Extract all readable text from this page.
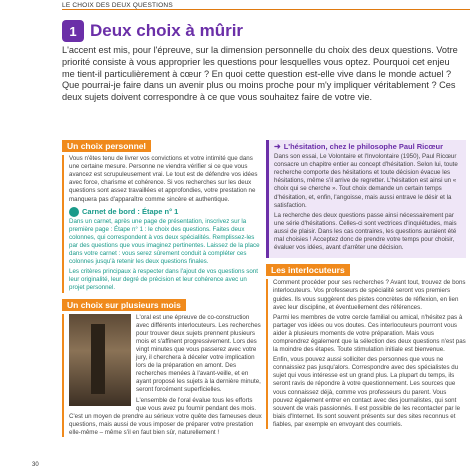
LE CHOIX DES DEUX QUESTIONS
1 Deux choix à mûrir
L'accent est mis, pour l'épreuve, sur la dimension personnelle du choix des deux questions. Votre priorité consiste à vous approprier les questions pour lesquelles vous optez. Pourquoi cet enjeu me tient-il particulièrement à cœur ? En quoi cette question est-elle vive dans le monde actuel ? Que pourrai-je faire dans un avenir plus ou moins proche pour m'y impliquer véritablement ? Ces deux sujets doivent correspondre à ce que vous souhaitez faire de votre vie.
Un choix personnel

Vous n'êtes tenu de livrer vos convictions et votre intimité que dans une certaine mesure. Personne ne viendra vérifier si ce que vous avancez est scrupuleusement vrai. Le tout est de défendre vos idées avec force, charisme et cohérence. Si vos recherches sur les deux questions sont assez travaillées et approfondies, votre prestation ne manquera pas d'apparaître comme sincère et authentique.

Carnet de bord : Étape n° 1

Dans un carnet, après une page de présentation, inscrivez sur la première page : Étape n° 1 : le choix des questions. Faites deux colonnes, qui correspondent à vos deux spécialités. Remplissez-les par des questions que vous imaginez pertinentes. Laissez de la place dans votre carnet : vous serez sûrement conduit à compléter ces colonnes jusqu'à retenir les deux questions finales.

Les critères principaux à respecter dans l'ajout de vos questions sont leur originalité, leur degré de précision et leur cohérence avec un projet personnel.

Un choix sur plusieurs mois

L'oral est une épreuve de co-construction avec différents interlocuteurs. Les recherches pour trouver deux sujets prennent plusieurs mois et s'affinent progressivement. Lors des vingt minutes que vous passerez avec votre jury, il cherchera à déceler votre implication lors de la préparation en amont. Des recherches menées à l'avant-veille, et en ayant proposé les sujets à la dernière minute, seront forcément superficielles.

L'ensemble de l'oral évalue tous les efforts que vous avez pu fournir pendant des mois. C'est un moyen de prendre au sérieux votre quête des fameuses deux questions, mais aussi de vous imposer de préparer votre prestation elle-même – même s'il en faut bien sûr, naturellement !

➜ L'hésitation, chez le philosophe Paul Ricœur

Dans son essai, Le Volontaire et l'Involontaire (1950), Paul Ricœur consacre un chapitre entier au concept d'hésitation. Selon lui, toute recherche comporte des hésitations et toute décision évacue les hésitations, même s'il arrive de regretter. L'hésitation est ainsi un « choix qui se cherche ». Tout choix demande un certain temps d'hésitation, et, enfin, l'angoisse, mais aussi entrave le désir et la satisfaction.

La recherche des deux questions passe ainsi nécessairement par une série d'hésitations. Celles-ci sont vectrices d'inquiétudes, mais aussi de plaisir. Dans les cas contraires, les questions auraient été mal choisies ! Acceptez donc de prendre votre temps pour choisir, évaluer vos idées, avant d'arrêter une décision.

Les interlocuteurs

Comment procéder pour ses recherches ? Avant tout, trouvez de bons interlocuteurs. Vos professeurs de spécialité seront vos premiers guides. Ils vous suggèrent des pistes concrètes de réflexion, en lien avec leur discipline, et éventuellement des références.

Parmi les membres de votre cercle familial ou amical, n'hésitez pas à partager vos idées ou vos doutes. Ces interlocuteurs pourront vous aider à plusieurs moments de votre préparation. Mais vous comprendrez également que la sélection des deux questions n'est pas la moindre des étapes. Toute stimulation initiale est bienvenue.

Enfin, vous pouvez aussi solliciter des personnes que vous ne connaissiez pas jusqu'alors. Correspondre avec des spécialistes du sujet qui vous intéresse est un grand plus. La plupart du temps, ils seront ravis de répondre à votre questionnement. Les sources que vous connaissez déjà, comme vos professeurs du parent. Vous pouvez également entrer en contact avec des journalistes, qui sont souvent de vrais passionnés. Il est possible de les recontacter par le biais d'Internet. Ils sont souvent présents sur des sites reconnus et fiables, par exemple en envoyant des courriels.

30
